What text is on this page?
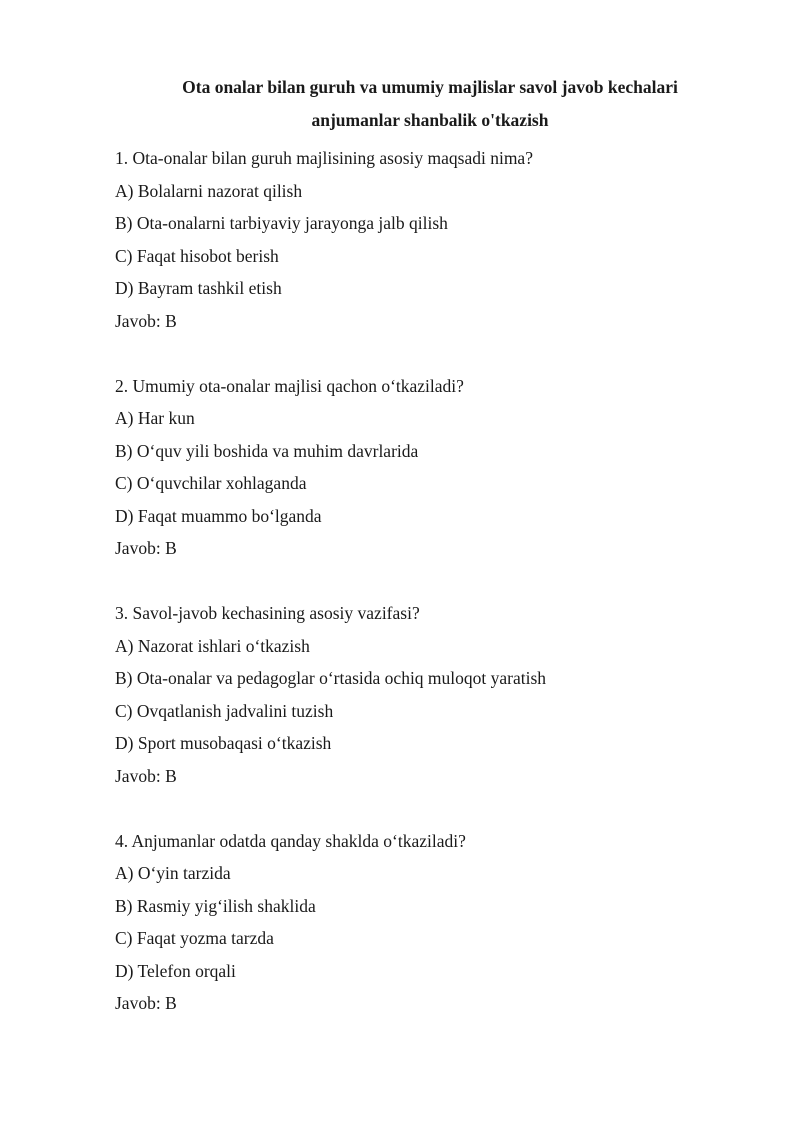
Ota onalar bilan guruh va umumiy majlislar savol javob kechalari
anjumanlar shanbalik o'tkazish
1. Ota-onalar bilan guruh majlisining asosiy maqsadi nima?
A) Bolalarni nazorat qilish
B) Ota-onalarni tarbiyaviy jarayonga jalb qilish
C) Faqat hisobot berish
D) Bayram tashkil etish
Javob: B
2. Umumiy ota-onalar majlisi qachon o‘tkaziladi?
A) Har kun
B) O‘quv yili boshida va muhim davrlarida
C) O‘quvchilar xohlaganda
D) Faqat muammo bo‘lganda
Javob: B
3. Savol-javob kechasining asosiy vazifasi?
A) Nazorat ishlari o‘tkazish
B) Ota-onalar va pedagoglar o‘rtasida ochiq muloqot yaratish
C) Ovqatlanish jadvalini tuzish
D) Sport musobaqasi o‘tkazish
Javob: B
4. Anjumanlar odatda qanday shaklda o‘tkaziladi?
A) O‘yin tarzida
B) Rasmiy yig‘ilish shaklida
C) Faqat yozma tarzda
D) Telefon orqali
Javob: B
